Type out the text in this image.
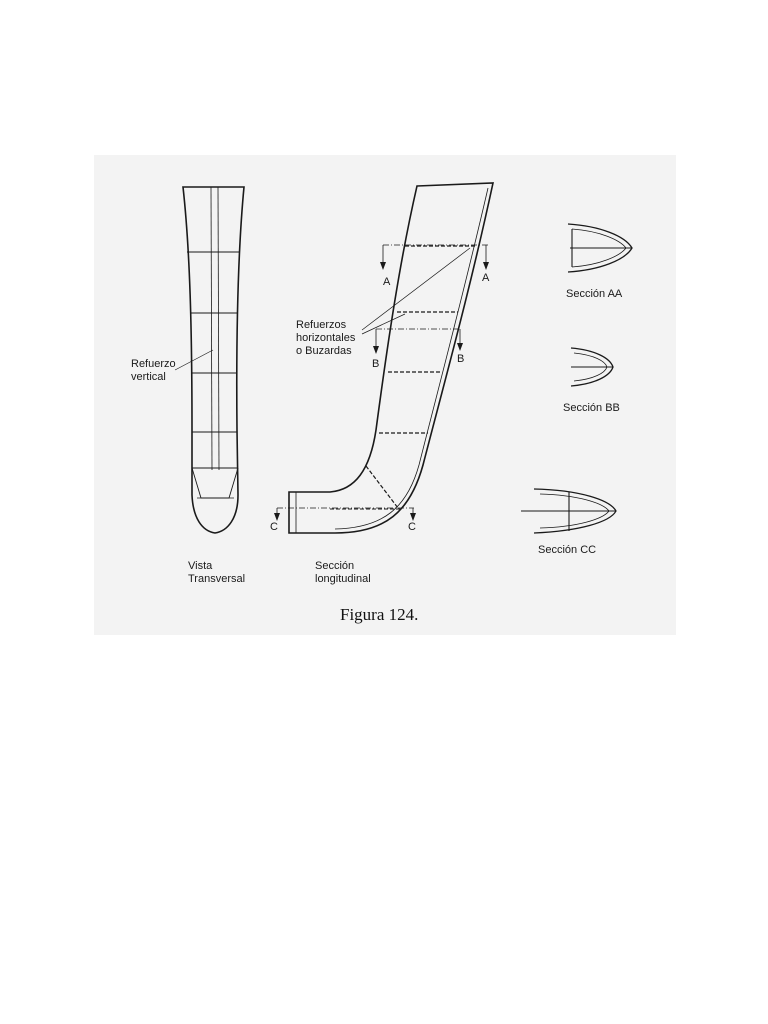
Refuerzo
vertical
Vista
Transversal
Refuerzos
horizontales
o Buzardas
A	A
B	B
C	C
Sección
longitudinal
Sección AA
Sección BB
Sección CC
Figura 124.
